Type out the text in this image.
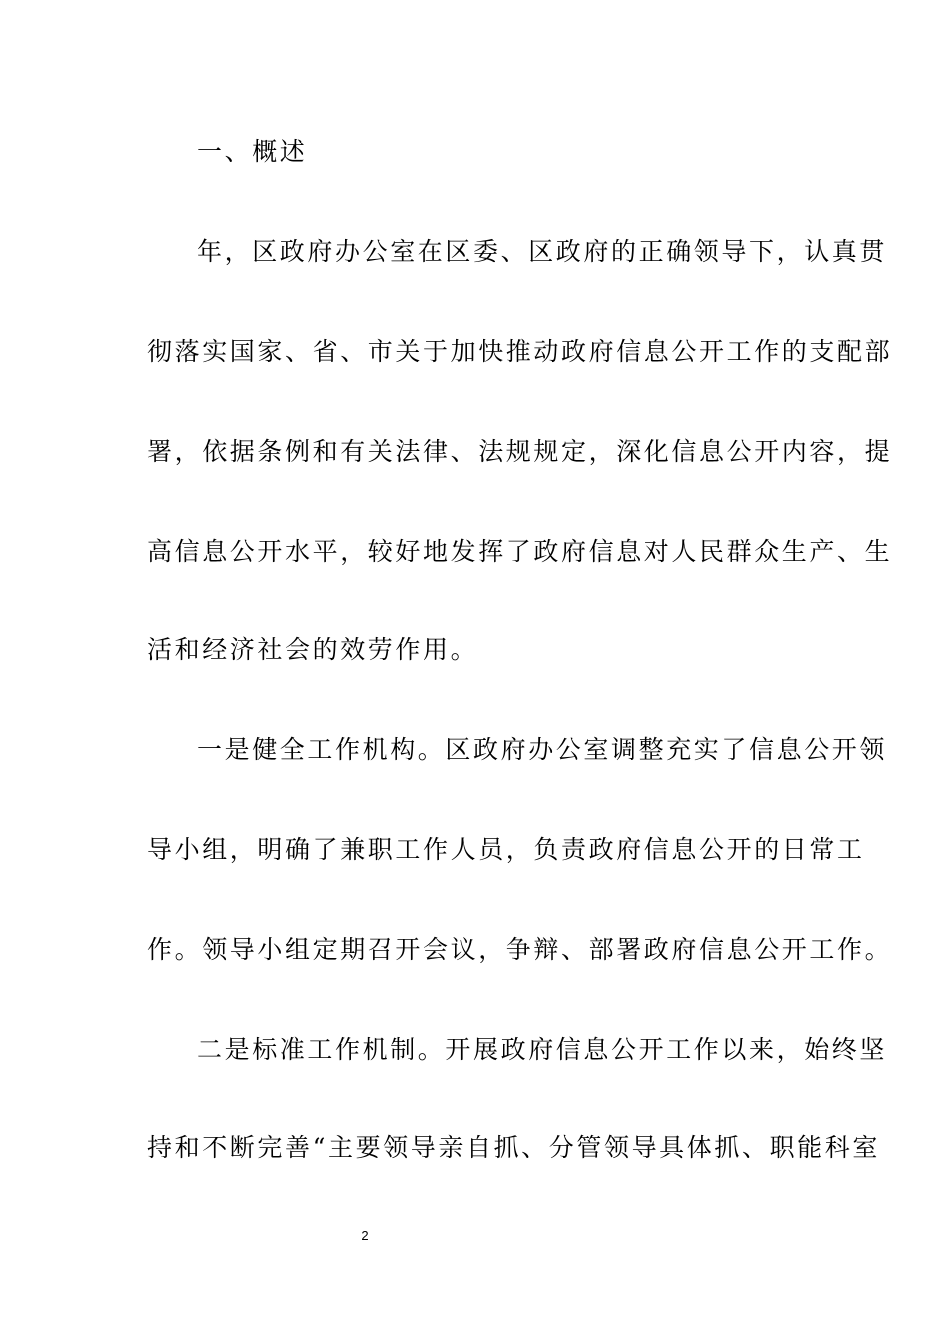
一、概述
年，区政府办公室在区委、区政府的正确领导下，认真贯
彻落实国家、省、市关于加快推动政府信息公开工作的支配部
署，依据条例和有关法律、法规规定，深化信息公开内容，提
高信息公开水平，较好地发挥了政府信息对人民群众生产、生
活和经济社会的效劳作用。
一是健全工作机构。区政府办公室调整充实了信息公开领
导小组，明确了兼职工作人员，负责政府信息公开的日常工
作。领导小组定期召开会议，争辩、部署政府信息公开工作。
二是标准工作机制。开展政府信息公开工作以来，始终坚
持和不断完善“主要领导亲自抓、分管领导具体抓、职能科室
2
